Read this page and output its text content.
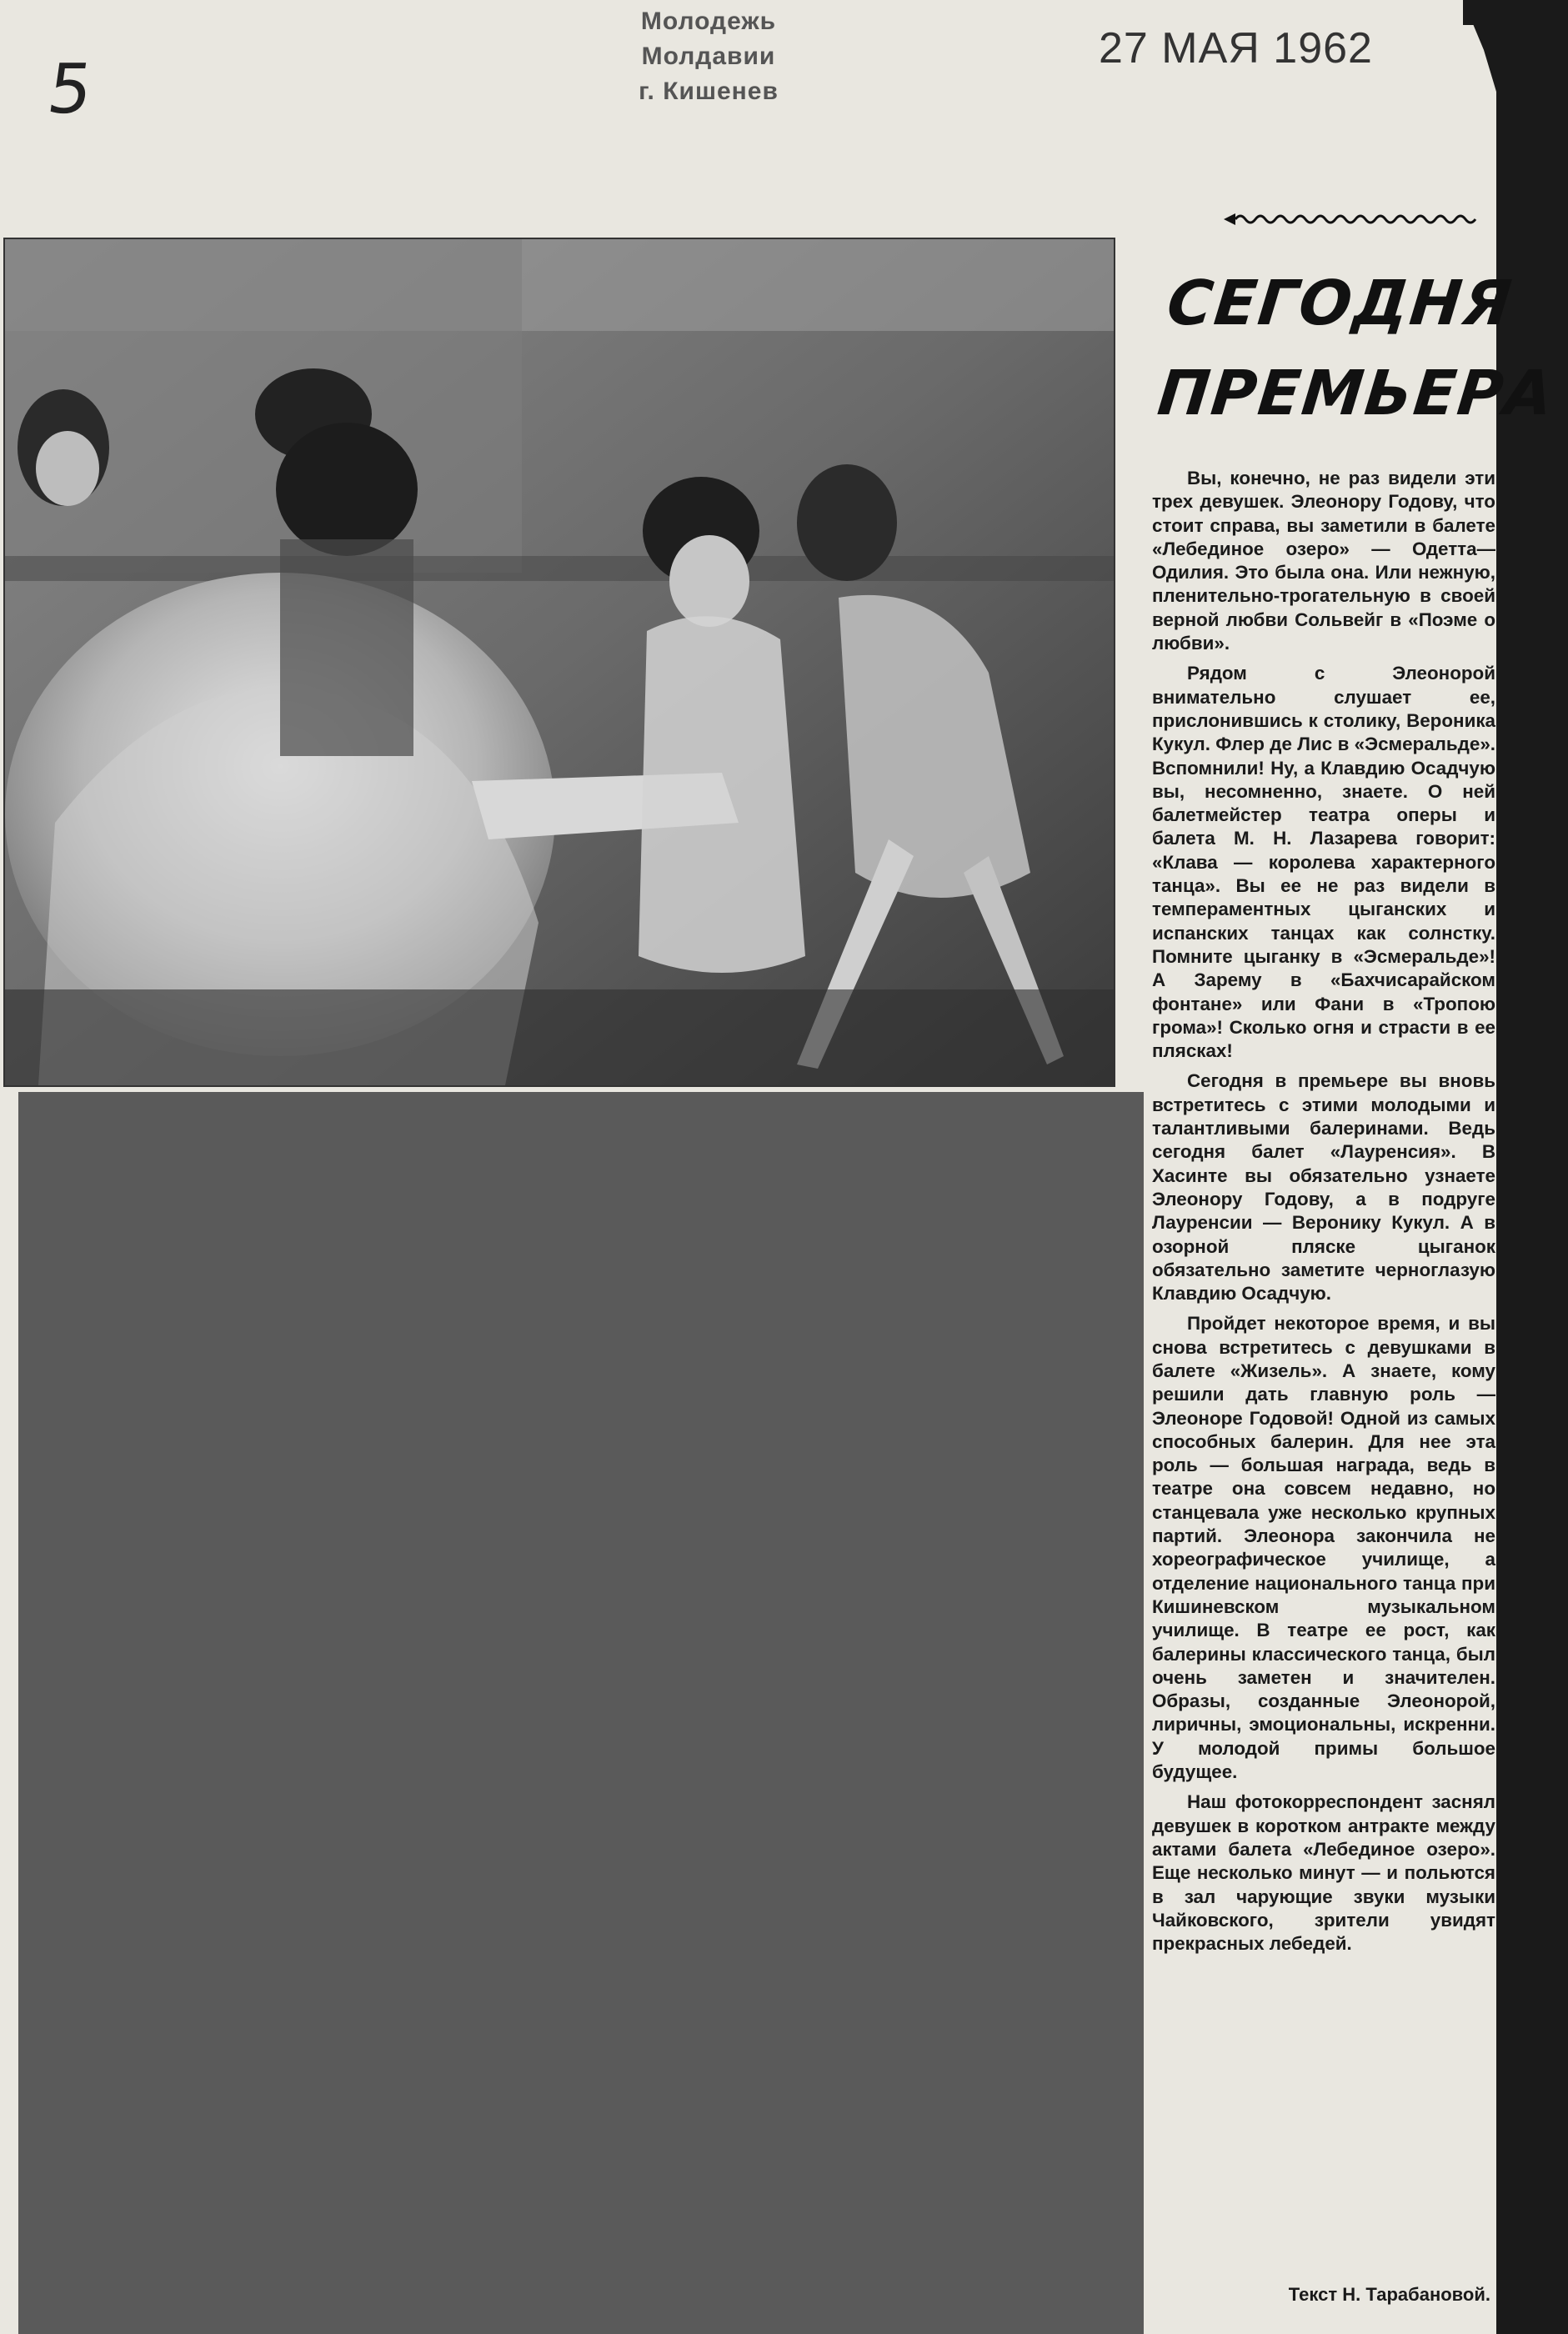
Молодежь Молдавии
г. Кишенев
27 МАЯ 1962
5
СЕГОДНЯ
ПРЕМЬЕРА

Вы, конечно, не раз видели эти трех девушек. Элеонору Годову, что стоит справа, вы заметили в балете «Лебединое озеро» — Одетта—Одилия. Это была она. Или нежную, пленительно-трогательную в своей верной любви Сольвейг в «Поэме о любви».

Рядом с Элеонорой внимательно слушает ее, прислонившись к столику, Вероника Кукул. Флер де Лис в «Эсмеральде». Вспомнили! Ну, а Клавдию Осадчую вы, несомненно, знаете. О ней балетмейстер театра оперы и балета М. Н. Лазарева говорит: «Клава — королева характерного танца». Вы ее не раз видели в темпераментных цыганских и испанских танцах как солнстку. Помните цыганку в «Эсмеральде»! А Зарему в «Бахчисарайском фонтане» или Фани в «Тропою грома»! Сколько огня и страсти в ее плясках!

Сегодня в премьере вы вновь встретитесь с этими молодыми и талантливыми балеринами. Ведь сегодня балет «Лауренсия». В Хасинте вы обязательно узнаете Элеонору Годову, а в подруге Лауренсии — Веронику Кукул. А в озорной пляске цыганок обязательно заметите черноглазую Клавдию Осадчую.

Пройдет некоторое время, и вы снова встретитесь с девушками в балете «Жизель». А знаете, кому решили дать главную роль — Элеоноре Годовой! Одной из самых способных балерин. Для нее эта роль — большая награда, ведь в театре она совсем недавно, но станцевала уже несколько крупных партий. Элеонора закончила не хореографическое училище, а отделение национального танца при Кишиневском музыкальном училище. В театре ее рост, как балерины классического танца, был очень заметен и значителен. Образы, созданные Элеонорой, лиричны, эмоциональны, искренни. У молодой примы большое будущее.

Наш фотокорреспондент заснял девушек в коротком антракте между актами балета «Лебединое озеро». Еще несколько минут — и польются в зал чарующие звуки музыки Чайковского, зрители увидят прекрасных лебедей.

Текст Н. Тарабановой.
